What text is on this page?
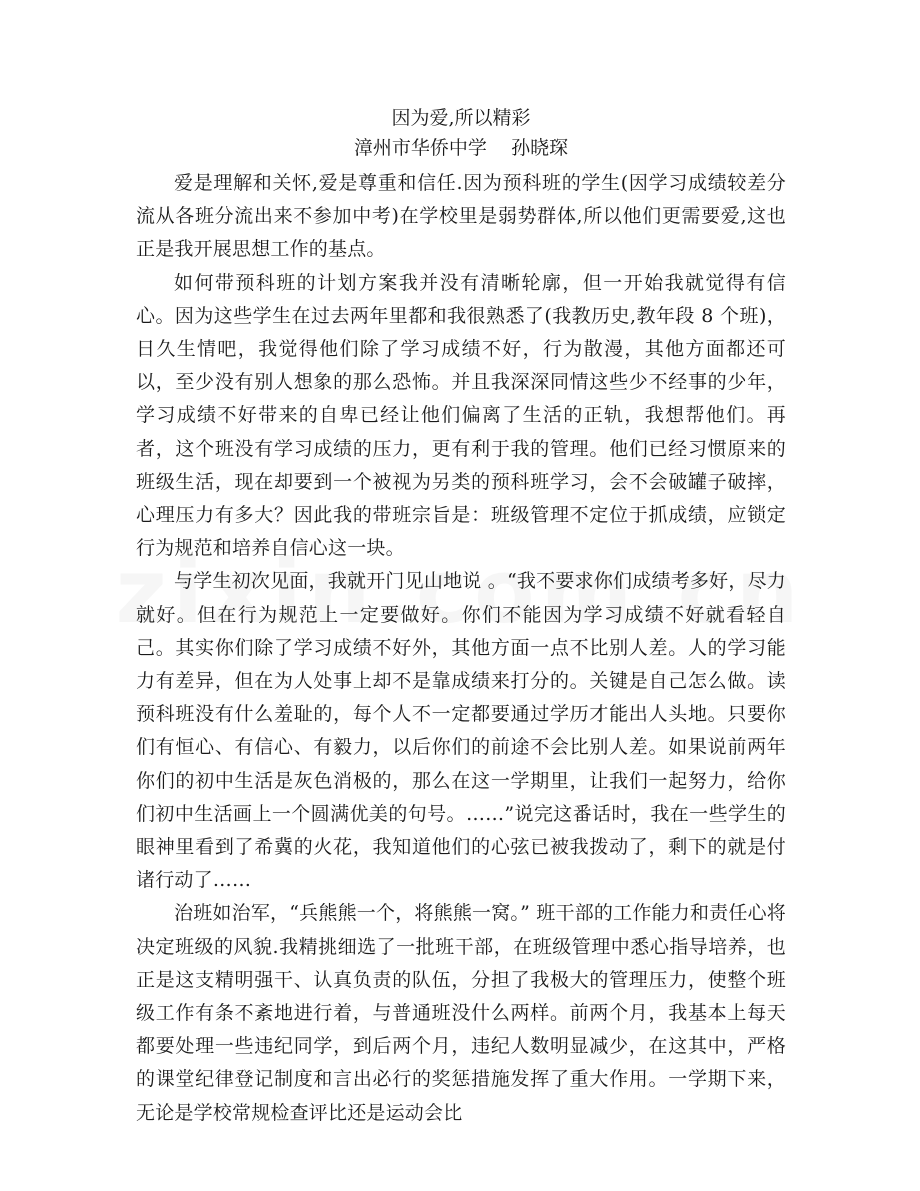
因为爱,所以精彩

漳州市华侨中学    孙晓琛

爱是理解和关怀,爱是尊重和信任.因为预科班的学生(因学习成绩较差分流从各班分流出来不参加中考)在学校里是弱势群体,所以他们更需要爱,这也正是我开展思想工作的基点。

如何带预科班的计划方案我并没有清晰轮廓，但一开始我就觉得有信心。因为这些学生在过去两年里都和我很熟悉了(我教历史,教年段 8 个班)，日久生情吧，我觉得他们除了学习成绩不好，行为散漫，其他方面都还可以，至少没有别人想象的那么恐怖。并且我深深同情这些少不经事的少年，学习成绩不好带来的自卑已经让他们偏离了生活的正轨，我想帮他们。再者，这个班没有学习成绩的压力，更有利于我的管理。他们已经习惯原来的班级生活，现在却要到一个被视为另类的预科班学习，会不会破罐子破摔，心理压力有多大？因此我的带班宗旨是：班级管理不定位于抓成绩，应锁定行为规范和培养自信心这一块。

与学生初次见面，我就开门见山地说 。“我不要求你们成绩考多好，尽力就好。但在行为规范上一定要做好。你们不能因为学习成绩不好就看轻自己。其实你们除了学习成绩不好外，其他方面一点不比别人差。人的学习能力有差异，但在为人处事上却不是靠成绩来打分的。关键是自己怎么做。读预科班没有什么羞耻的，每个人不一定都要通过学历才能出人头地。只要你们有恒心、有信心、有毅力，以后你们的前途不会比别人差。如果说前两年你们的初中生活是灰色消极的，那么在这一学期里，让我们一起努力，给你们初中生活画上一个圆满优美的句号。……”说完这番话时，我在一些学生的眼神里看到了希冀的火花，我知道他们的心弦已被我拨动了，剩下的就是付诸行动了……

治班如治军，“兵熊熊一个，将熊熊一窝。” 班干部的工作能力和责任心将决定班级的风貌.我精挑细选了一批班干部，在班级管理中悉心指导培养，也正是这支精明强干、认真负责的队伍，分担了我极大的管理压力，使整个班级工作有条不紊地进行着，与普通班没什么两样。前两个月，我基本上每天都要处理一些违纪同学，到后两个月，违纪人数明显减少，在这其中，严格的课堂纪律登记制度和言出必行的奖惩措施发挥了重大作用。一学期下来，无论是学校常规检查评比还是运动会比
